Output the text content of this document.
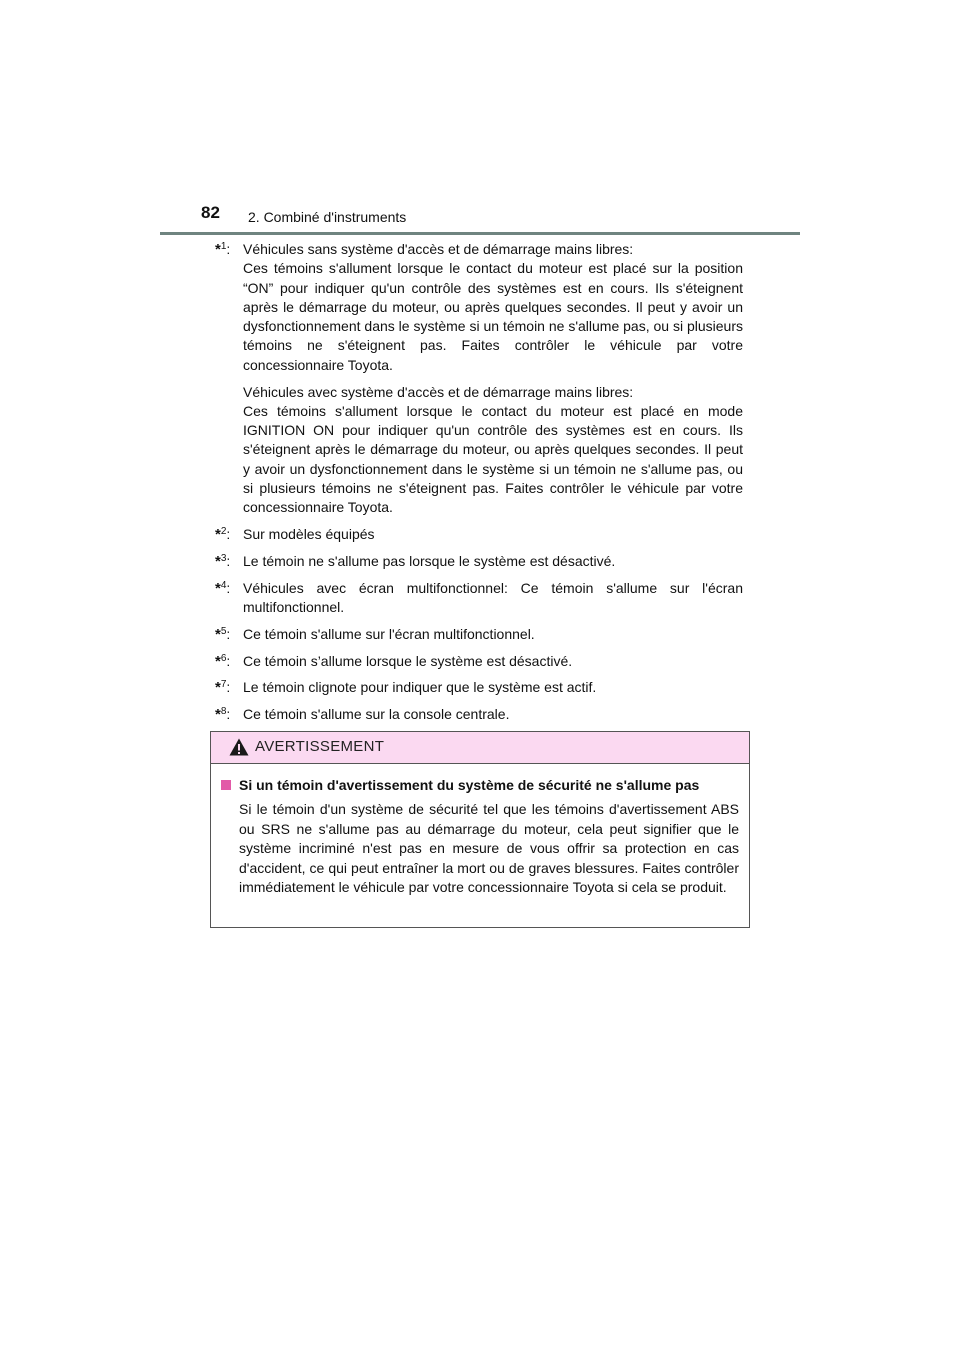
82 2. Combiné d'instruments
*$^1$: Véhicules sans système d'accès et de démarrage mains libres:
Ces témoins s'allument lorsque le contact du moteur est placé sur la position “ON” pour indiquer qu'un contrôle des systèmes est en cours. Ils s'éteignent après le démarrage du moteur, ou après quelques secondes. Il peut y avoir un dysfonctionnement dans le système si un témoin ne s'allume pas, ou si plusieurs témoins ne s'éteignent pas. Faites contrôler le véhicule par votre concessionnaire Toyota.

Véhicules avec système d'accès et de démarrage mains libres:
Ces témoins s'allument lorsque le contact du moteur est placé en mode IGNITION ON pour indiquer qu'un contrôle des systèmes est en cours. Ils s'éteignent après le démarrage du moteur, ou après quelques secondes. Il peut y avoir un dysfonctionnement dans le système si un témoin ne s'allume pas, ou si plusieurs témoins ne s'éteignent pas. Faites contrôler le véhicule par votre concessionnaire Toyota.

*$^2$: Sur modèles équipés

*$^3$: Le témoin ne s'allume pas lorsque le système est désactivé.

*$^4$: Véhicules avec écran multifonctionnel: Ce témoin s'allume sur l'écran multifonctionnel.

*$^5$: Ce témoin s'allume sur l'écran multifonctionnel.

*$^6$: Ce témoin s’allume lorsque le système est désactivé.

*$^7$: Le témoin clignote pour indiquer que le système est actif.

*$^8$: Ce témoin s'allume sur la console centrale.

AVERTISSEMENT
Si un témoin d'avertissement du système de sécurité ne s'allume pas

Si le témoin d'un système de sécurité tel que les témoins d'avertissement ABS ou SRS ne s'allume pas au démarrage du moteur, cela peut signifier que le système incriminé n'est pas en mesure de vous offrir sa protection en cas d'accident, ce qui peut entraîner la mort ou de graves blessures. Faites contrôler immédiatement le véhicule par votre concessionnaire Toyota si cela se produit.
